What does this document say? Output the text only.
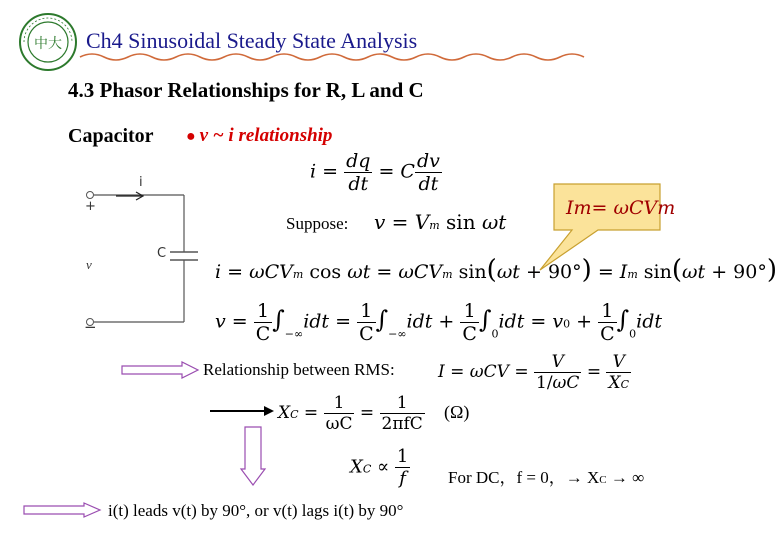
中大 Ch4 Sinusoidal Steady State Analysis
4.3 Phasor Relationships for R, L and C
Capacitor ● v ~ i relationship
i
+
v
C
−
$i = \frac{dq}{dt} = C \frac{dv}{dt}$
Im= ωCVm
Suppose: v = Vm sin ωt
i = ωCVm cos ωt = ωCVm sin(ωt + 90°) = Im sin(ωt + 90°)
$v = \frac{1}{C} \int_{-\infty}idt = \frac{1}{C} \int_{-\infty}idt + \frac{1}{C} \int_0idt = v0 + \frac{1}{C} \int_0idt$
Relationship between RMS:	$I = \omega CV = \frac{V}{1/\omega C} = \frac{V}{XC}$
XC = $\frac{1}{\omega C} = \frac{1}{\text{2πfC}} (\Omega)$
XC ∝ $\frac{1}{f}$ For DC，f = 0，→ XC → ∞
i(t) leads v(t) by 90°, or v(t) lags i(t) by 90°
